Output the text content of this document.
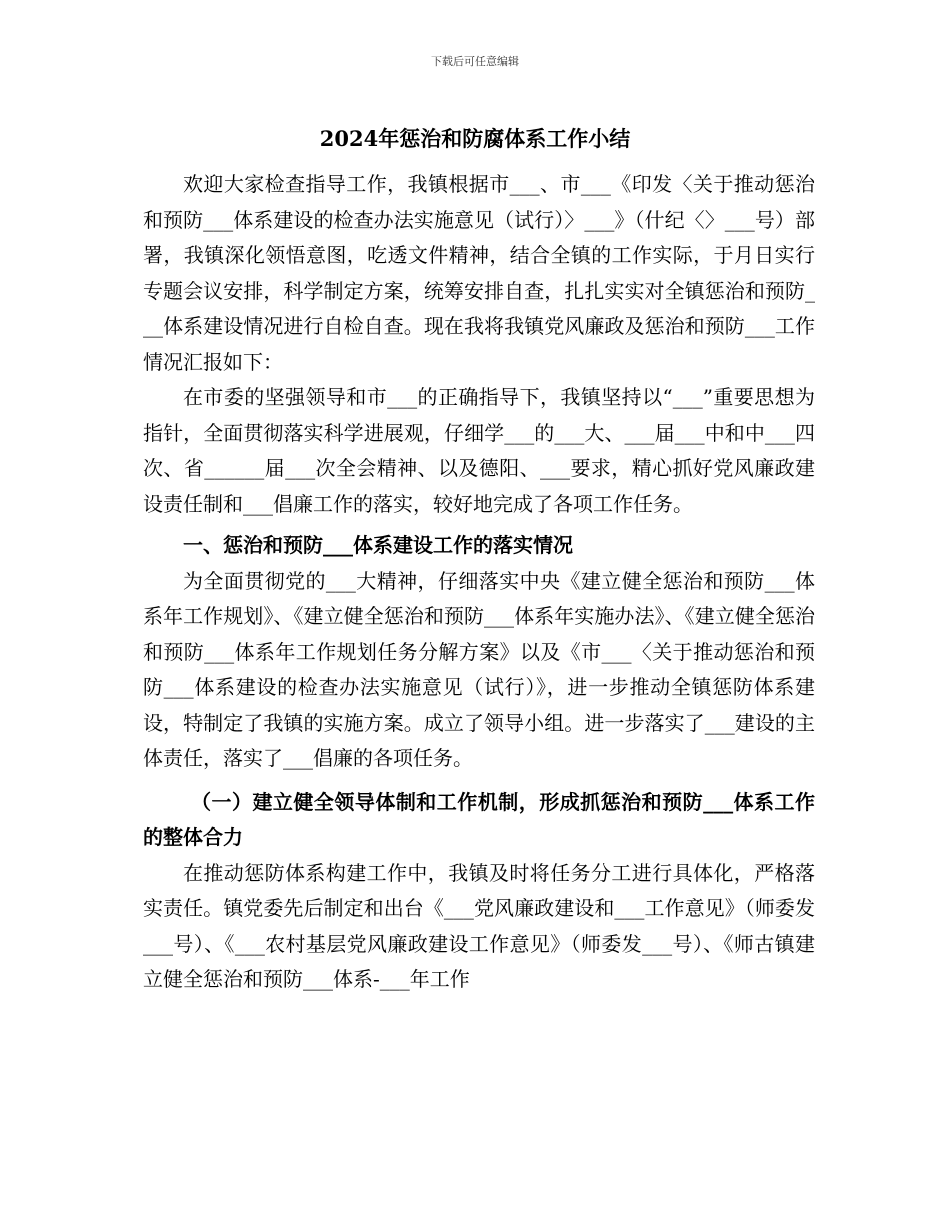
下载后可任意编辑
2024年惩治和防腐体系工作小结

欢迎大家检查指导工作，我镇根据市___、市___《印发〈关于推动惩治和预防___体系建设的检查办法实施意见（试行）〉___》（什纪〈〉___号）部署，我镇深化领悟意图，吃透文件精神，结合全镇的工作实际，于月日实行专题会议安排，科学制定方案，统筹安排自查，扎扎实实对全镇惩治和预防___体系建设情况进行自检自查。现在我将我镇党风廉政及惩治和预防___工作情况汇报如下：

在市委的坚强领导和市___的正确指导下，我镇坚持以“___”重要思想为指针，全面贯彻落实科学进展观，仔细学___的___大、___届___中和中___四次、省______届___次全会精神、以及德阳、___要求，精心抓好党风廉政建设责任制和___倡廉工作的落实，较好地完成了各项工作任务。

一、惩治和预防___体系建设工作的落实情况

为全面贯彻党的___大精神，仔细落实中央《建立健全惩治和预防___体系年工作规划》、《建立健全惩治和预防___体系年实施办法》、《建立健全惩治和预防___体系年工作规划任务分解方案》以及《市___〈关于推动惩治和预防___体系建设的检查办法实施意见（试行）》，进一步推动全镇惩防体系建设，特制定了我镇的实施方案。成立了领导小组。进一步落实了___建设的主体责任，落实了___倡廉的各项任务。

（一）建立健全领导体制和工作机制，形成抓惩治和预防___体系工作的整体合力

在推动惩防体系构建工作中，我镇及时将任务分工进行具体化，严格落实责任。镇党委先后制定和出台《___党风廉政建设和___工作意见》（师委发___号）、《___农村基层党风廉政建设工作意见》（师委发___号）、《师古镇建立健全惩治和预防___体系-___年工作
